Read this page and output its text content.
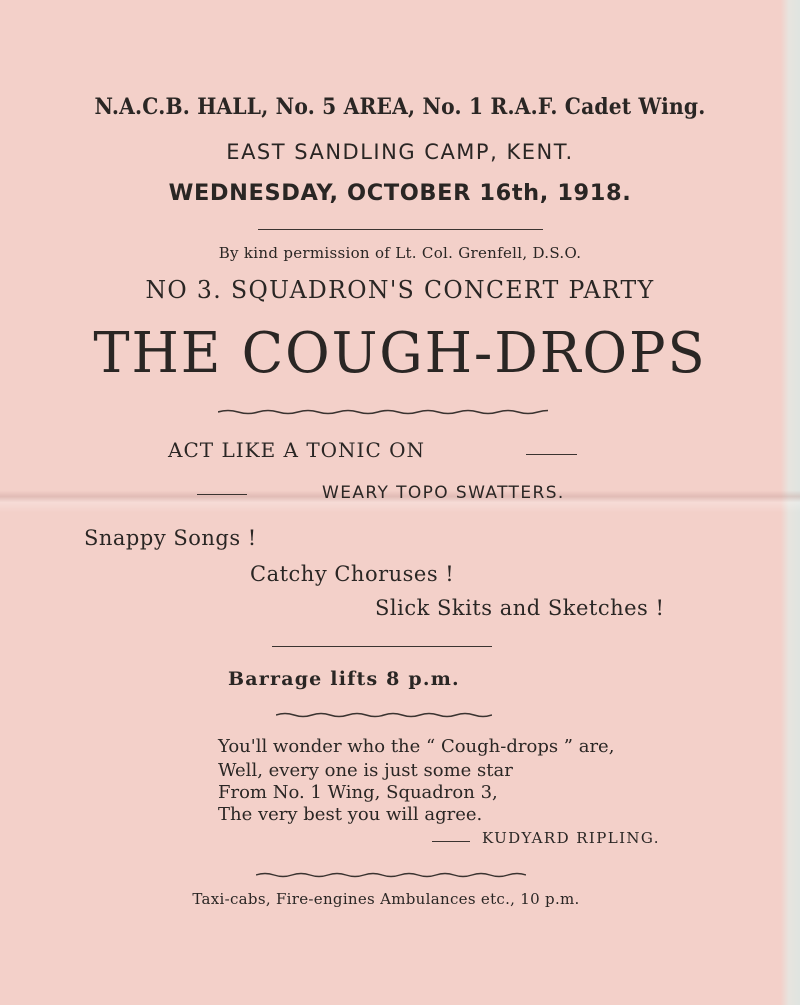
N.A.C.B. HALL, No. 5 AREA, No. 1 R.A.F. Cadet Wing.
EAST SANDLING CAMP, KENT.
WEDNESDAY, OCTOBER 16th, 1918.
By kind permission of Lt. Col. Grenfell, D.S.O.
NO 3. SQUADRON'S CONCERT PARTY
THE COUGH-DROPS
ACT LIKE A TONIC ON
WEARY TOPO SWATTERS.
Snappy Songs !
Catchy Choruses !
Slick Skits and Sketches !
Barrage lifts 8 p.m.
You'll wonder who the “ Cough-drops ” are,
Well, every one is just some star
From No. 1 Wing, Squadron 3,
The very best you will agree.
KUDYARD RIPLING.
Taxi-cabs, Fire-engines Ambulances etc., 10 p.m.
